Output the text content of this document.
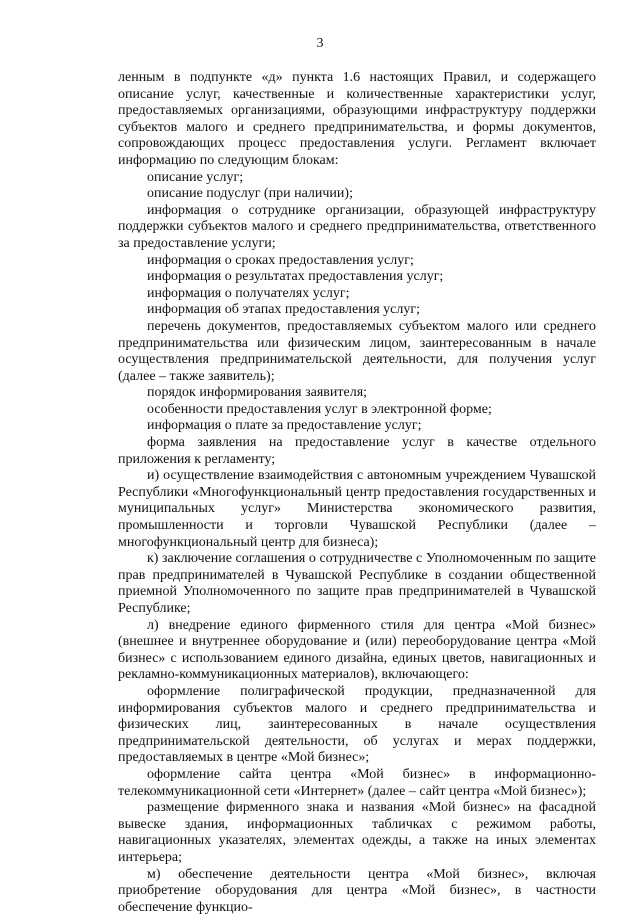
3

ленным в подпункте «д» пункта 1.6 настоящих Правил, и содержащего описание услуг, качественные и количественные характеристики услуг, предоставляемых организациями, образующими инфраструктуру поддержки субъектов малого и среднего предпринимательства, и формы документов, сопровождающих процесс предоставления услуги. Регламент включает информацию по следующим блокам:

описание услуг;

описание подуслуг (при наличии);

информация о сотруднике организации, образующей инфраструктуру поддержки субъектов малого и среднего предпринимательства, ответственного за предоставление услуги;

информация о сроках предоставления услуг;

информация о результатах предоставления услуг;

информация о получателях услуг;

информация об этапах предоставления услуг;

перечень документов, предоставляемых субъектом малого или среднего предпринимательства или физическим лицом, заинтересованным в начале осуществления предпринимательской деятельности, для получения услуг (далее – также заявитель);

порядок информирования заявителя;

особенности предоставления услуг в электронной форме;

информация о плате за предоставление услуг;

форма заявления на предоставление услуг в качестве отдельного приложения к регламенту;

и) осуществление взаимодействия с автономным учреждением Чувашской Республики «Многофункциональный центр предоставления государственных и муниципальных услуг» Министерства экономического развития, промышленности и торговли Чувашской Республики (далее – многофункциональный центр для бизнеса);

к) заключение соглашения о сотрудничестве с Уполномоченным по защите прав предпринимателей в Чувашской Республике в создании общественной приемной Уполномоченного по защите прав предпринимателей в Чувашской Республике;

л) внедрение единого фирменного стиля для центра «Мой бизнес» (внешнее и внутреннее оборудование и (или) переоборудование центра «Мой бизнес» с использованием единого дизайна, единых цветов, навигационных и рекламно-коммуникационных материалов), включающего:

оформление полиграфической продукции, предназначенной для информирования субъектов малого и среднего предпринимательства и физических лиц, заинтересованных в начале осуществления предпринимательской деятельности, об услугах и мерах поддержки, предоставляемых в центре «Мой бизнес»;

оформление сайта центра «Мой бизнес» в информационно-телекоммуникационной сети «Интернет» (далее – сайт центра «Мой бизнес»);

размещение фирменного знака и названия «Мой бизнес» на фасадной вывеске здания, информационных табличках с режимом работы, навигационных указателях, элементах одежды, а также на иных элементах интерьера;

м) обеспечение деятельности центра «Мой бизнес», включая приобретение оборудования для центра «Мой бизнес», в частности обеспечение функцио-
